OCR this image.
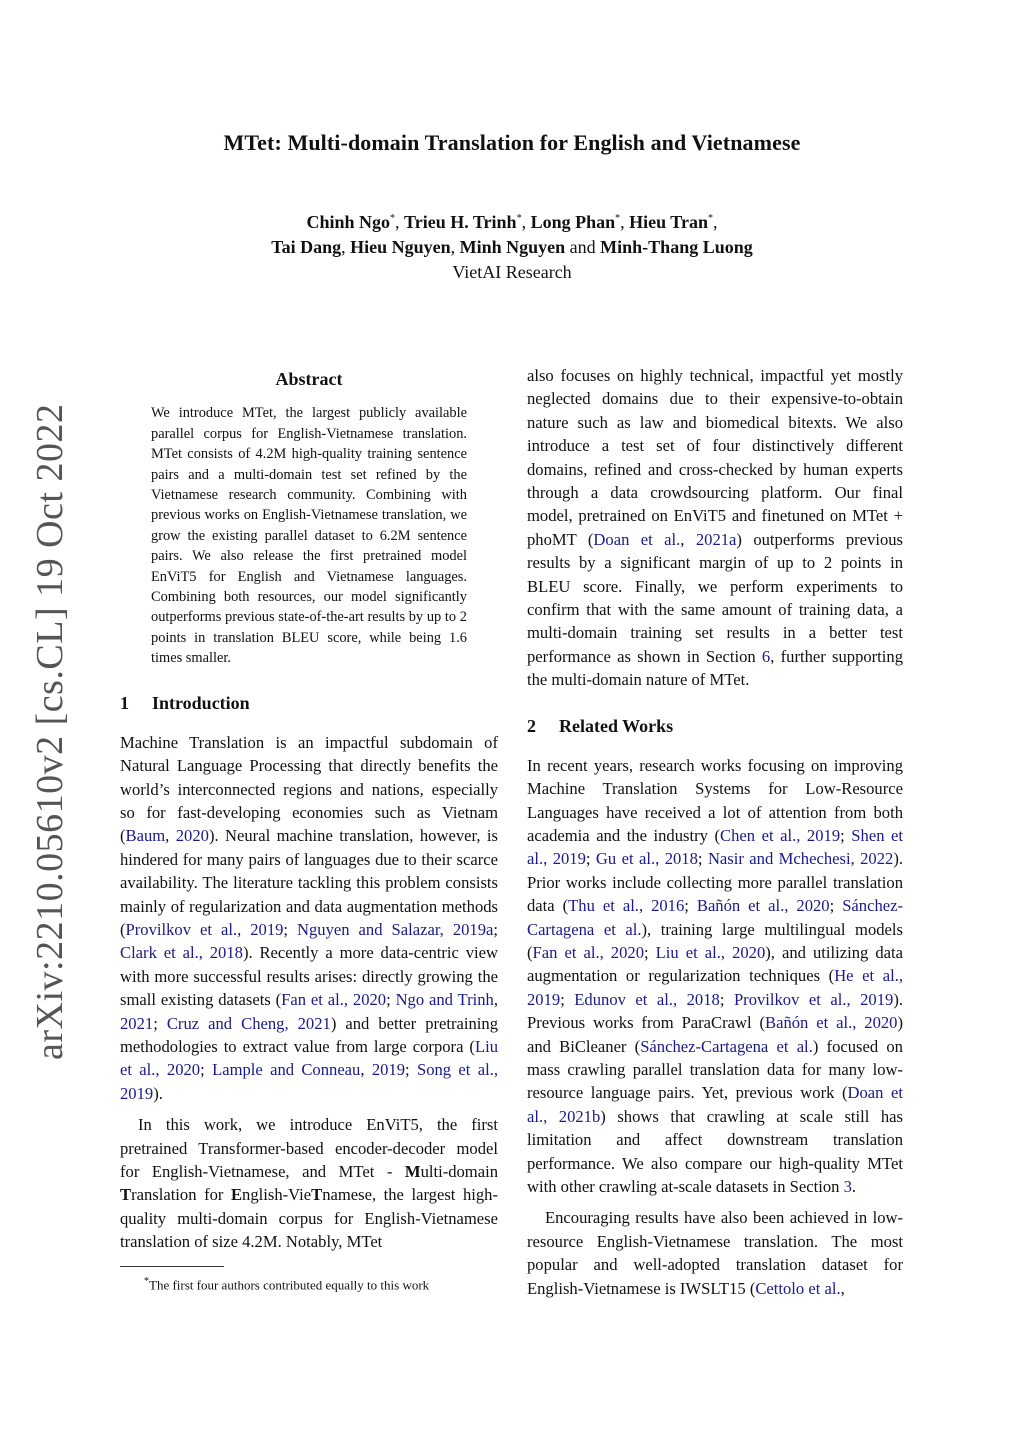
arXiv:2210.05610v2 [cs.CL] 19 Oct 2022
MTet: Multi-domain Translation for English and Vietnamese
Chinh Ngo*, Trieu H. Trinh*, Long Phan*, Hieu Tran*,
Tai Dang, Hieu Nguyen, Minh Nguyen and Minh-Thang Luong
VietAI Research
Abstract
We introduce MTet, the largest publicly available parallel corpus for English-Vietnamese translation. MTet consists of 4.2M high-quality training sentence pairs and a multi-domain test set refined by the Vietnamese research community. Combining with previous works on English-Vietnamese translation, we grow the existing parallel dataset to 6.2M sentence pairs. We also release the first pretrained model EnViT5 for English and Vietnamese languages. Combining both resources, our model significantly outperforms previous state-of-the-art results by up to 2 points in translation BLEU score, while being 1.6 times smaller.
1 Introduction

Machine Translation is an impactful subdomain of Natural Language Processing that directly benefits the world’s interconnected regions and nations, especially so for fast-developing economies such as Vietnam (Baum, 2020). Neural machine translation, however, is hindered for many pairs of languages due to their scarce availability. The literature tackling this problem consists mainly of regularization and data augmentation methods (Provilkov et al., 2019; Nguyen and Salazar, 2019a; Clark et al., 2018). Recently a more data-centric view with more successful results arises: directly growing the small existing datasets (Fan et al., 2020; Ngo and Trinh, 2021; Cruz and Cheng, 2021) and better pretraining methodologies to extract value from large corpora (Liu et al., 2020; Lample and Conneau, 2019; Song et al., 2019).

In this work, we introduce EnViT5, the first pretrained Transformer-based encoder-decoder model for English-Vietnamese, and MTet - Multi-domain Translation for English-VieTnamese, the largest high-quality multi-domain corpus for English-Vietnamese translation of size 4.2M. Notably, MTet

*The first four authors contributed equally to this work

also focuses on highly technical, impactful yet mostly neglected domains due to their expensive-to-obtain nature such as law and biomedical bitexts. We also introduce a test set of four distinctively different domains, refined and cross-checked by human experts through a data crowdsourcing platform. Our final model, pretrained on EnViT5 and finetuned on MTet + phoMT (Doan et al., 2021a) outperforms previous results by a significant margin of up to 2 points in BLEU score. Finally, we perform experiments to confirm that with the same amount of training data, a multi-domain training set results in a better test performance as shown in Section 6, further supporting the multi-domain nature of MTet.

2 Related Works

In recent years, research works focusing on improving Machine Translation Systems for Low-Resource Languages have received a lot of attention from both academia and the industry (Chen et al., 2019; Shen et al., 2019; Gu et al., 2018; Nasir and Mchechesi, 2022). Prior works include collecting more parallel translation data (Thu et al., 2016; Bañón et al., 2020; Sánchez-Cartagena et al.), training large multilingual models (Fan et al., 2020; Liu et al., 2020), and utilizing data augmentation or regularization techniques (He et al., 2019; Edunov et al., 2018; Provilkov et al., 2019). Previous works from ParaCrawl (Bañón et al., 2020) and BiCleaner (Sánchez-Cartagena et al.) focused on mass crawling parallel translation data for many low-resource language pairs. Yet, previous work (Doan et al., 2021b) shows that crawling at scale still has limitation and affect downstream translation performance. We also compare our high-quality MTet with other crawling at-scale datasets in Section 3.

Encouraging results have also been achieved in low-resource English-Vietnamese translation. The most popular and well-adopted translation dataset for English-Vietnamese is IWSLT15 (Cettolo et al.,
